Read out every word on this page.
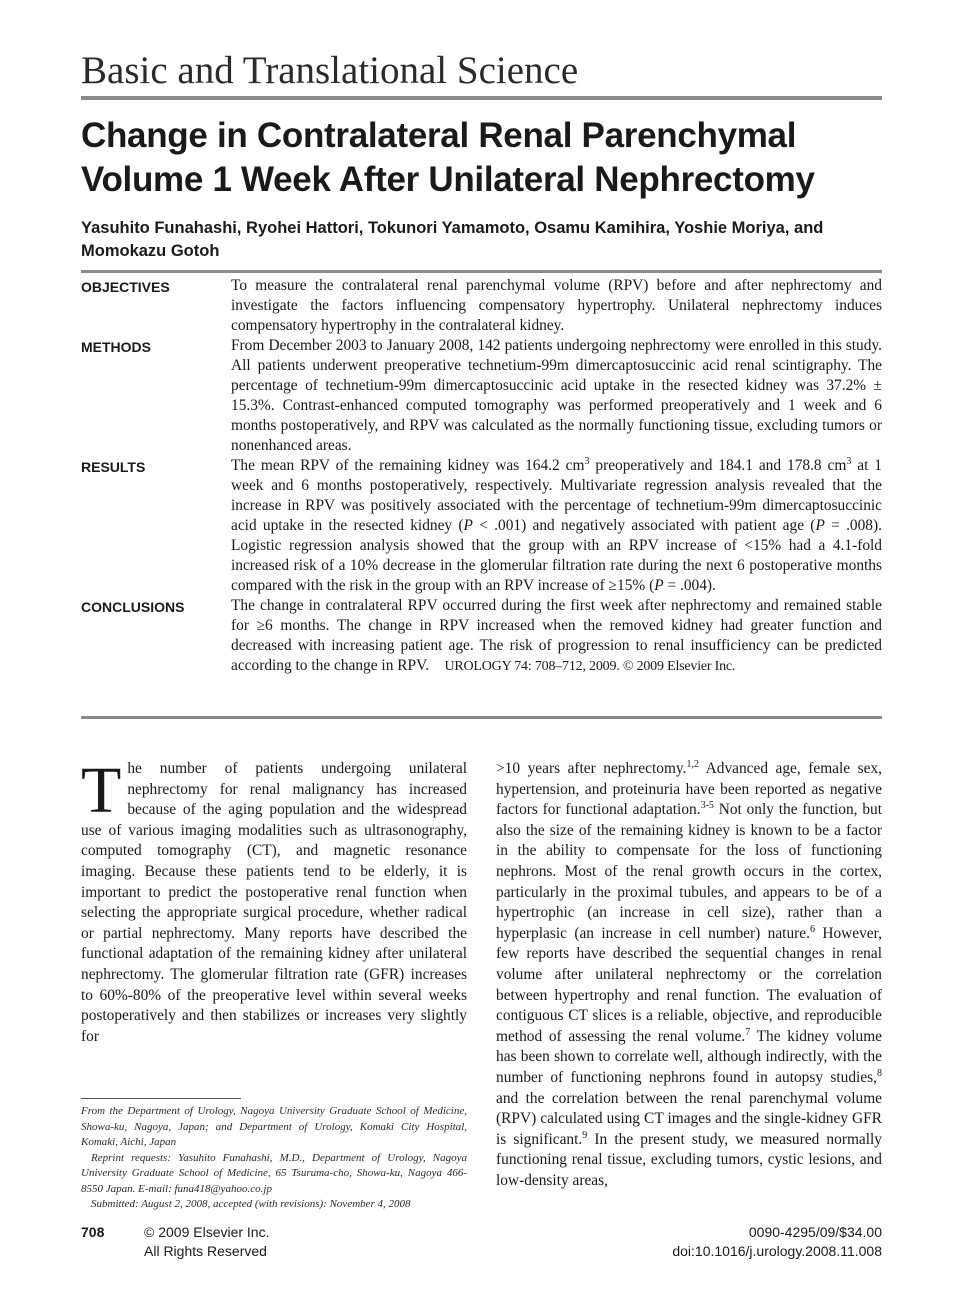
Basic and Translational Science
Change in Contralateral Renal Parenchymal Volume 1 Week After Unilateral Nephrectomy
Yasuhito Funahashi, Ryohei Hattori, Tokunori Yamamoto, Osamu Kamihira, Yoshie Moriya, and Momokazu Gotoh
OBJECTIVES	To measure the contralateral renal parenchymal volume (RPV) before and after nephrectomy and investigate the factors influencing compensatory hypertrophy. Unilateral nephrectomy induces compensatory hypertrophy in the contralateral kidney.
METHODS	From December 2003 to January 2008, 142 patients undergoing nephrectomy were enrolled in this study. All patients underwent preoperative technetium-99m dimercaptosuccinic acid renal scintigraphy. The percentage of technetium-99m dimercaptosuccinic acid uptake in the resected kidney was 37.2% ± 15.3%. Contrast-enhanced computed tomography was performed preoperatively and 1 week and 6 months postoperatively, and RPV was calculated as the normally functioning tissue, excluding tumors or nonenhanced areas.
RESULTS	The mean RPV of the remaining kidney was 164.2 $cm^3$ preoperatively and 184.1 and 178.8 $cm^3$ at 1 week and 6 months postoperatively, respectively. Multivariate regression analysis revealed that the increase in RPV was positively associated with the percentage of technetium-99m dimercaptosuccinic acid uptake in the resected kidney (P < .001) and negatively associated with patient age (P = .008). Logistic regression analysis showed that the group with an RPV increase of <15% had a 4.1-fold increased risk of a 10% decrease in the glomerular filtration rate during the next 6 postoperative months compared with the risk in the group with an RPV increase of ≥15% (P = .004).
CONCLUSIONS	The change in contralateral RPV occurred during the first week after nephrectomy and remained stable for ≥6 months. The change in RPV increased when the removed kidney had greater function and decreased with increasing patient age. The risk of progression to renal insufficiency can be predicted according to the change in RPV. UROLOGY 74: 708–712, 2009. © 2009 Elsevier Inc.
The number of patients undergoing unilateral nephrectomy for renal malignancy has increased because of the aging population and the widespread use of various imaging modalities such as ultrasonography, computed tomography (CT), and magnetic resonance imaging. Because these patients tend to be elderly, it is important to predict the postoperative renal function when selecting the appropriate surgical procedure, whether radical or partial nephrectomy. Many reports have described the functional adaptation of the remaining kidney after unilateral nephrectomy. The glomerular filtration rate (GFR) increases to 60%-80% of the preoperative level within several weeks postoperatively and then stabilizes or increases very slightly for
>10 years after nephrectomy.$^{1,2}$ Advanced age, female sex, hypertension, and proteinuria have been reported as negative factors for functional adaptation.$^{3-5}$ Not only the function, but also the size of the remaining kidney is known to be a factor in the ability to compensate for the loss of functioning nephrons. Most of the renal growth occurs in the cortex, particularly in the proximal tubules, and appears to be of a hypertrophic (an increase in cell size), rather than a hyperplasic (an increase in cell number) nature.$^6$ However, few reports have described the sequential changes in renal volume after unilateral nephrectomy or the correlation between hypertrophy and renal function. The evaluation of contiguous CT slices is a reliable, objective, and reproducible method of assessing the renal volume.$^7$ The kidney volume has been shown to correlate well, although indirectly, with the number of functioning nephrons found in autopsy studies,$^8$ and the correlation between the renal parenchymal volume (RPV) calculated using CT images and the single-kidney GFR is significant.$^9$ In the present study, we measured normally functioning renal tissue, excluding tumors, cystic lesions, and low-density areas,

From the Department of Urology, Nagoya University Graduate School of Medicine, Showa-ku, Nagoya, Japan; and Department of Urology, Komaki City Hospital, Komaki, Aichi, Japan

Reprint requests: Yasuhito Funahashi, M.D., Department of Urology, Nagoya University Graduate School of Medicine, 65 Tsuruma-cho, Showa-ku, Nagoya 466-8550 Japan. E-mail: funa418@yahoo.co.jp

Submitted: August 2, 2008, accepted (with revisions): November 4, 2008

708	© 2009 Elsevier Inc.
All Rights Reserved
0090-4295/09/$34.00
doi:10.1016/j.urology.2008.11.008
